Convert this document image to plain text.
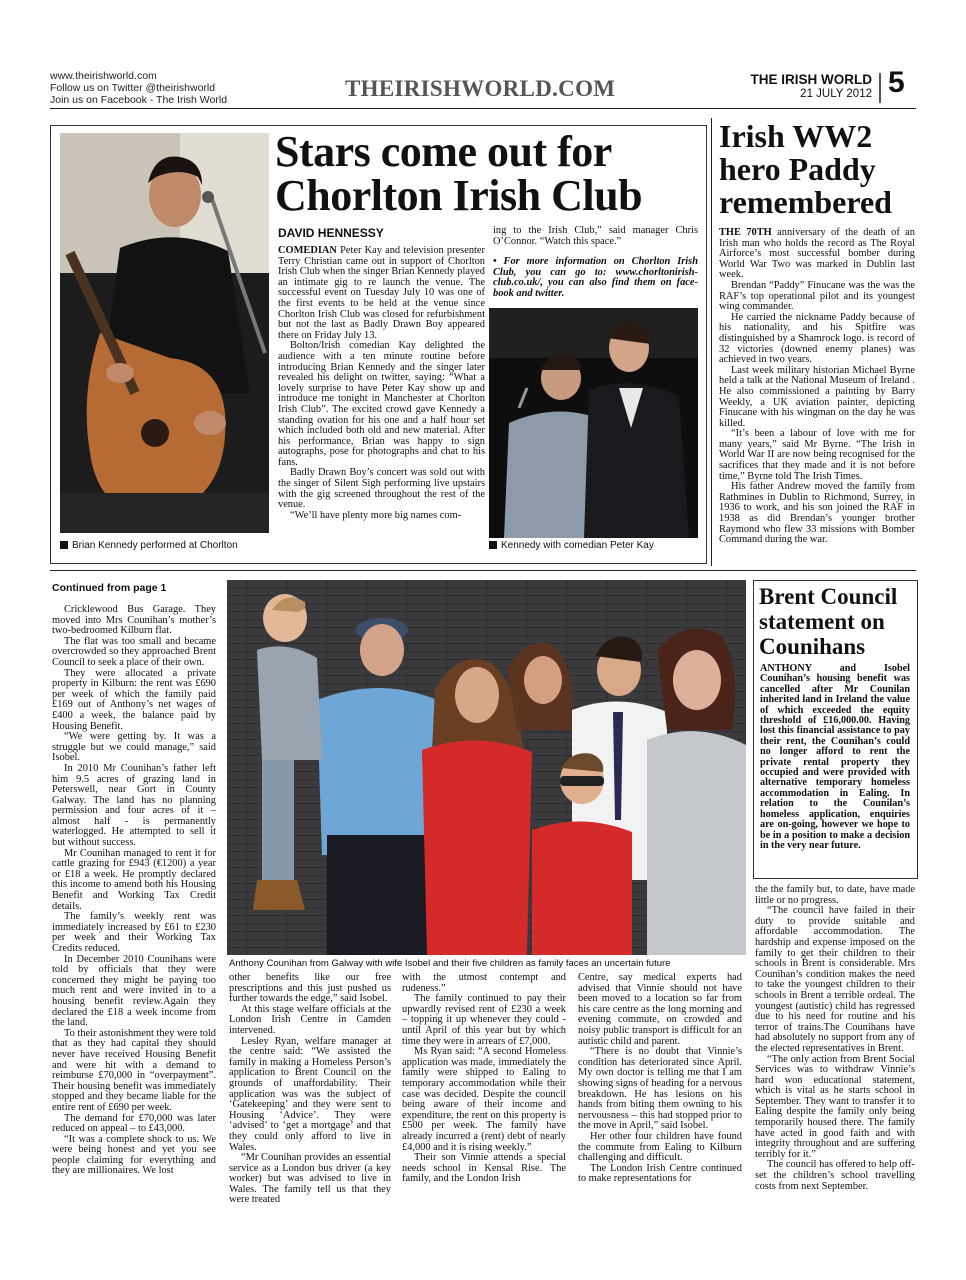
www.theirishworld.com
Follow us on Twitter @theirishworld
Join us on Facebook - The Irish World	THEIRISHWORLD.COM	THE IRISH WORLD
21 JULY 2012 5
Brian Kennedy performed at Chorlton
Stars come out for
Chorlton Irish Club
DAVID HENNESSY

COMEDIAN Peter Kay and television presenter Terry Christian came out in support of Chorlton Irish Club when the singer Brian Kennedy played an intimate gig to re launch the venue. The successful event on Tuesday July 10 was one of the first events to be held at the venue since Chorlton Irish Club was closed for refurbishment but not the last as Badly Drawn Boy appeared there on Friday July 13.

Bolton/Irish comedian Kay delighted the audience with a ten minute routine before introducing Brian Kennedy and the singer later revealed his delight on twitter, saying: “What a lovely surprise to have Peter Kay show up and introduce me tonight in Manchester at Chorlton Irish Club”. The excited crowd gave Kennedy a standing ovation for his one and a half hour set which included both old and new material. After his performance, Brian was happy to sign autographs, pose for photographs and chat to his fans.

Badly Drawn Boy’s concert was sold out with the singer of Silent Sigh performing live upstairs with the gig screened throughout the rest of the venue.

“We’ll have plenty more big names com-

ing to the Irish Club,” said manager Chris O’Connor. “Watch this space.”

• For more information on Chorlton Irish Club, you can go to: www.chorltonirish-club.co.uk/, you can also find them on face-book and twitter.

Kennedy with comedian Peter Kay
Irish WW2
hero Paddy
remembered

THE 70TH anniversary of the death of an Irish man who holds the record as The Royal Airforce’s most successful bomber during World War Two was marked in Dublin last week.

Brendan “Paddy” Finucane was the was the RAF’s top operational pilot and its youngest wing commander.

He carried the nickname Paddy because of his nationality, and his Spitfire was distinguished by a Shamrock logo. is record of 32 victories (downed enemy planes) was achieved in two years.

Last week military historian Michael Byrne held a talk at the National Museum of Ireland . He also commissioned a painting by Barry Weekly, a UK aviation painter, depicting Finucane with his wingman on the day he was killed.

“It’s been a labour of love with me for many years,” said Mr Byrne. “The Irish in World War II are now being recognised for the sacrifices that they made and it is not before time,” Byrne told The Irish Times.

His father Andrew moved the family from Rathmines in Dublin to Richmond, Surrey, in 1936 to work, and his son joined the RAF in 1938 as did Brendan’s younger brother Raymond who flew 33 missions with Bomber Command during the war.

Continued from page 1

Cricklewood Bus Garage. They moved into Mrs Counihan’s mother’s two-bedroomed Kilburn flat.

The flat was too small and became overcrowded so they approached Brent Council to seek a place of their own.

They were allocated a private property in Kilburn: the rent was £690 per week of which the family paid £169 out of Anthony’s net wages of £400 a week, the balance paid by Housing Benefit.

“We were getting by. It was a struggle but we could manage,” said Isobel.

In 2010 Mr Counihan’s father left him 9.5 acres of grazing land in Peterswell, near Gort in County Galway. The land has no planning permission and four acres of it – almost half - is permanently waterlogged. He attempted to sell it but without success.

Mr Counihan managed to rent it for cattle grazing for £943 (€1200) a year or £18 a week. He promptly declared this income to amend both his Housing Benefit and Working Tax Credit details.

The family’s weekly rent was immediately increased by £61 to £230 per week and their Working Tax Credits reduced.

In December 2010 Counihans were told by officials that they were concerned they might be paying too much rent and were invited in to a housing benefit review.Again they declared the £18 a week income from the land.

To their astonishment they were told that as they had capital they should never have received Housing Benefit and were hit with a demand to reimburse £70,000 in “overpayment”. Their housing benefit was immediately stopped and they became liable for the entire rent of £690 per week.

The demand for £70,000 was later reduced on appeal – to £43,000.

“It was a complete shock to us. We were being honest and yet you see people claiming for everything and they are millionaires. We lost

Anthony Counihan from Galway with wife Isobel and their five children as family faces an uncertain future
Brent Council
statement on
Counihans
ANTHONY and Isobel Counihan’s housing benefit was cancelled after Mr Counilan inherited land in Ireland the value of which exceeded the equity threshold of £16,000.00. Having lost this financial assistance to pay their rent, the Counihan’s could no longer afford to rent the private rental property they occupied and were provided with alternative temporary homeless accommodation in Ealing. In relation to the Counilan’s homeless application, enquiries are on-going, however we hope to be in a position to make a decision in the very near future.

other benefits like our free prescriptions and this just pushed us further towards the edge,” said Isobel.

At this stage welfare officials at the London Irish Centre in Camden intervened.

Lesley Ryan, welfare manager at the centre said: “We assisted the family in making a Homeless Person’s application to Brent Council on the grounds of unaffordability. Their application was was the subject of ‘Gatekeeping’ and they were sent to Housing ‘Advice’. They were ‘advised’ to ‘get a mortgage’ and that they could only afford to live in Wales.

“Mr Counihan provides an essential service as a London bus driver (a key worker) but was advised to live in Wales. The family tell us that they were treated

with the utmost contempt and rudeness.”

The family continued to pay their upwardly revised rent of £230 a week – topping it up whenever they could - until April of this year but by which time they were in arrears of £7,000.

Ms Ryan said: “A second Homeless application was made, immediately the family were shipped to Ealing to temporary accommodation while their case was decided. Despite the council being aware of their income and expenditure, the rent on this property is £500 per week. The family have already incurred a (rent) debt of nearly £4,000 and it is rising weekly.”

Their son Vinnie attends a special needs school in Kensal Rise. The family, and the London Irish

Centre, say medical experts had advised that Vinnie should not have been moved to a location so far from his care centre as the long morning and evening commute, on crowded and noisy public transport is difficult for an autistic child and parent.

“There is no doubt that Vinnie’s condition has deteriorated since April. My own doctor is telling me that I am showing signs of heading for a nervous breakdown. He has lesions on his hands from biting them owning to his nervousness – this had stopped prior to the move in April,” said Isobel.

Her other four children have found the commute from Ealing to Kilburn challenging and difficult.

The London Irish Centre continued to make representations for

the the family but, to date, have made little or no progress.

“The council have failed in their duty to provide suitable and affordable accommodation. The hardship and expense imposed on the family to get their children to their schools in Brent is considerable. Mrs Counihan’s condition makes the need to take the youngest children to their schools in Brent a terrible ordeal. The youngest (autistic) child has regressed due to his need for routine and his terror of trains.The Counihans have had absolutely no support from any of the elected representatives in Brent.

“The only action from Brent Social Services was to withdraw Vinnie’s hard won educational statement, which is vital as he starts school in September. They want to transfer it to Ealing despite the family only being temporarily housed there. The family have acted in good faith and with integrity throughout and are suffering terribly for it.”

The council has offered to help off-set the children’s school travelling costs from next September.
